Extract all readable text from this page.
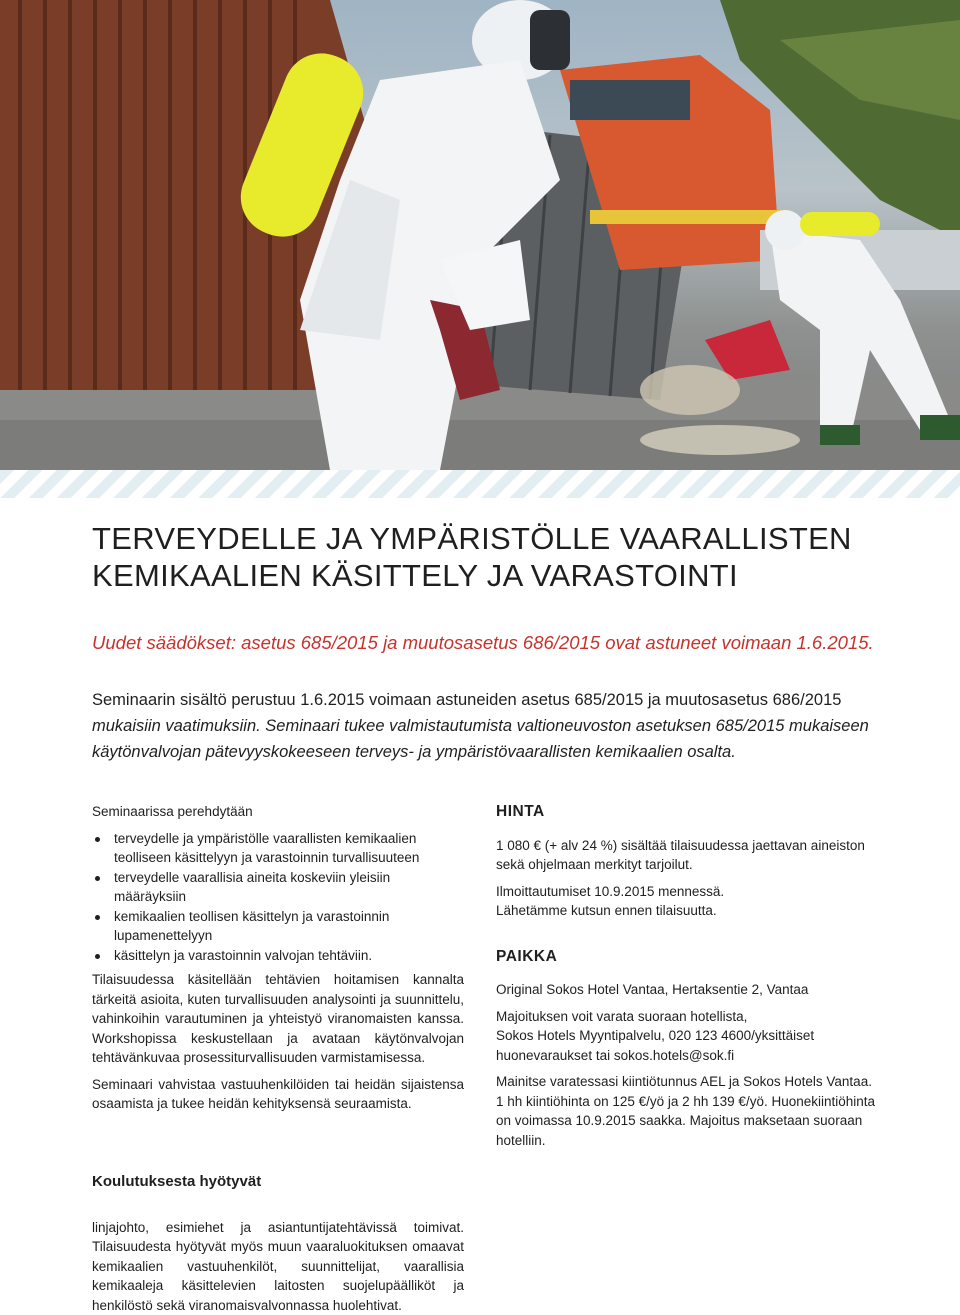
TERVEYDELLE JA YMPÄRISTÖLLE VAARALLISTEN
KEMIKAALIEN KÄSITTELY JA VARASTOINTI

Uudet säädökset: asetus 685/2015 ja muutosasetus 686/2015 ovat astuneet voimaan 1.6.2015.

Seminaarin sisältö perustuu 1.6.2015 voimaan astuneiden asetus 685/2015 ja muutosasetus 686/2015 mukaisiin vaatimuksiin. Seminaari tukee valmistautumista valtioneuvoston asetuksen 685/2015 mukaiseen käytönvalvojan pätevyyskokeeseen terveys- ja ympäristövaarallisten kemikaalien osalta.

Seminaarissa perehdytään

terveydelle ja ympäristölle vaarallisten kemikaalien teolliseen käsittelyyn ja varastoinnin turvallisuuteen
terveydelle vaarallisia aineita koskeviin yleisiin määräyksiin
kemikaalien teollisen käsittelyn ja varastoinnin lupamenettelyyn
käsittelyn ja varastoinnin valvojan tehtäviin.

Tilaisuudessa käsitellään tehtävien hoitamisen kannalta tärkeitä asioita, kuten turvallisuuden analysointi ja suunnittelu, vahinkoihin varautuminen ja yhteistyö viranomaisten kanssa. Workshopissa keskustellaan ja avataan käytönvalvojan tehtävänkuvaa prosessiturvallisuuden varmistamisessa.

Seminaari vahvistaa vastuuhenkilöiden tai heidän sijaistensa osaamista ja tukee heidän kehityksensä seuraamista.

HINTA

1 080 € (+ alv 24 %) sisältää tilaisuudessa jaettavan aineiston sekä ohjelmaan merkityt tarjoilut.

Ilmoittautumiset 10.9.2015 mennessä.

Lähetämme kutsun ennen tilaisuutta.

PAIKKA

Original Sokos Hotel Vantaa, Hertaksentie 2, Vantaa

Majoituksen voit varata suoraan hotellista,
Sokos Hotels Myyntipalvelu, 020 123 4600/yksittäiset huonevaraukset tai sokos.hotels@sok.fi

Mainitse varatessasi kiintiötunnus AEL ja Sokos Hotels Vantaa. 1 hh kiintiöhinta on 125 €/yö ja 2 hh 139 €/yö. Huonekiintiöhinta on voimassa 10.9.2015 saakka. Majoitus maksetaan suoraan hotelliin.

Koulutuksesta hyötyvät

linjajohto, esimiehet ja asiantuntijatehtävissä toimivat. Tilaisuudesta hyötyvät myös muun vaaraluokituksen omaavat kemikaalien vastuuhenkilöt, suunnittelijat, vaarallisia kemikaaleja käsittelevien laitosten suojelupäälliköt ja henkilöstö sekä viranomaisvalvonnassa huolehtivat.
